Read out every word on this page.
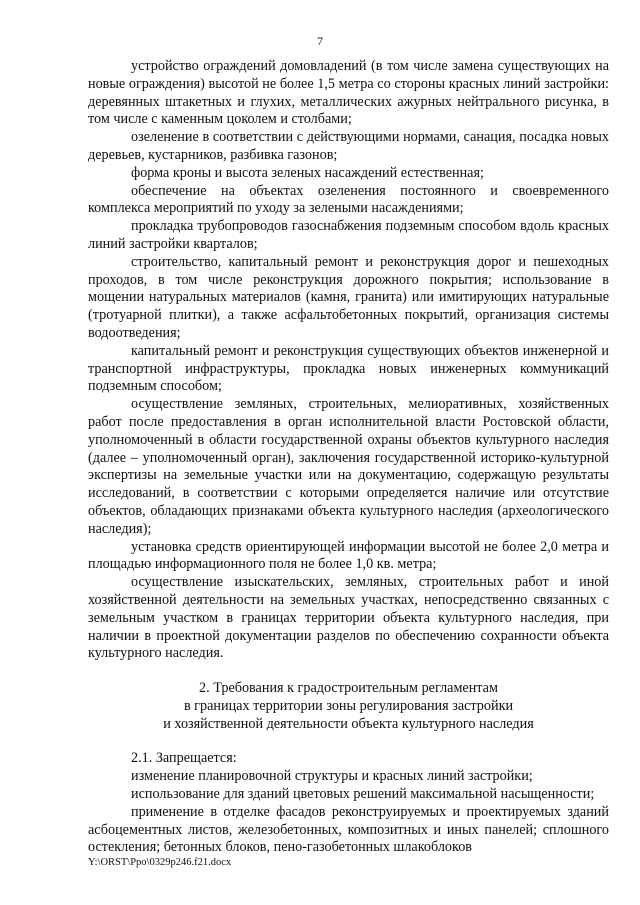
7

устройство ограждений домовладений (в том числе замена существующих на новые ограждения) высотой не более 1,5 метра со стороны красных линий застройки: деревянных штакетных и глухих, металлических ажурных нейтрального рисунка, в том числе с каменным цоколем и столбами;

озеленение в соответствии с действующими нормами, санация, посадка новых деревьев, кустарников, разбивка газонов;

форма кроны и высота зеленых насаждений естественная;

обеспечение на объектах озеленения постоянного и своевременного комплекса мероприятий по уходу за зелеными насаждениями;

прокладка трубопроводов газоснабжения подземным способом вдоль красных линий застройки кварталов;

строительство, капитальный ремонт и реконструкция дорог и пешеходных проходов, в том числе реконструкция дорожного покрытия; использование в мощении натуральных материалов (камня, гранита) или имитирующих натуральные (тротуарной плитки), а также асфальтобетонных покрытий, организация системы водоотведения;

капитальный ремонт и реконструкция существующих объектов инженерной и транспортной инфраструктуры, прокладка новых инженерных коммуникаций подземным способом;

осуществление земляных, строительных, мелиоративных, хозяйственных работ после предоставления в орган исполнительной власти Ростовской области, уполномоченный в области государственной охраны объектов культурного наследия (далее – уполномоченный орган), заключения государственной историко-культурной экспертизы на земельные участки или на документацию, содержащую результаты исследований, в соответствии с которыми определяется наличие или отсутствие объектов, обладающих признаками объекта культурного наследия (археологического наследия);

установка средств ориентирующей информации высотой не более 2,0 метра и площадью информационного поля не более 1,0 кв. метра;

осуществление изыскательских, земляных, строительных работ и иной хозяйственной деятельности на земельных участках, непосредственно связанных с земельным участком в границах территории объекта культурного наследия, при наличии в проектной документации разделов по обеспечению сохранности объекта культурного наследия.

2. Требования к градостроительным регламентам
в границах территории зоны регулирования застройки
и хозяйственной деятельности объекта культурного наследия

2.1. Запрещается:

изменение планировочной структуры и красных линий застройки;

использование для зданий цветовых решений максимальной насыщенности;

применение в отделке фасадов реконструируемых и проектируемых зданий асбоцементных листов, железобетонных, композитных и иных панелей; сплошного остекления; бетонных блоков, пено-газобетонных шлакоблоков

Y:\ORST\Ppo\0329p246.f21.docx
